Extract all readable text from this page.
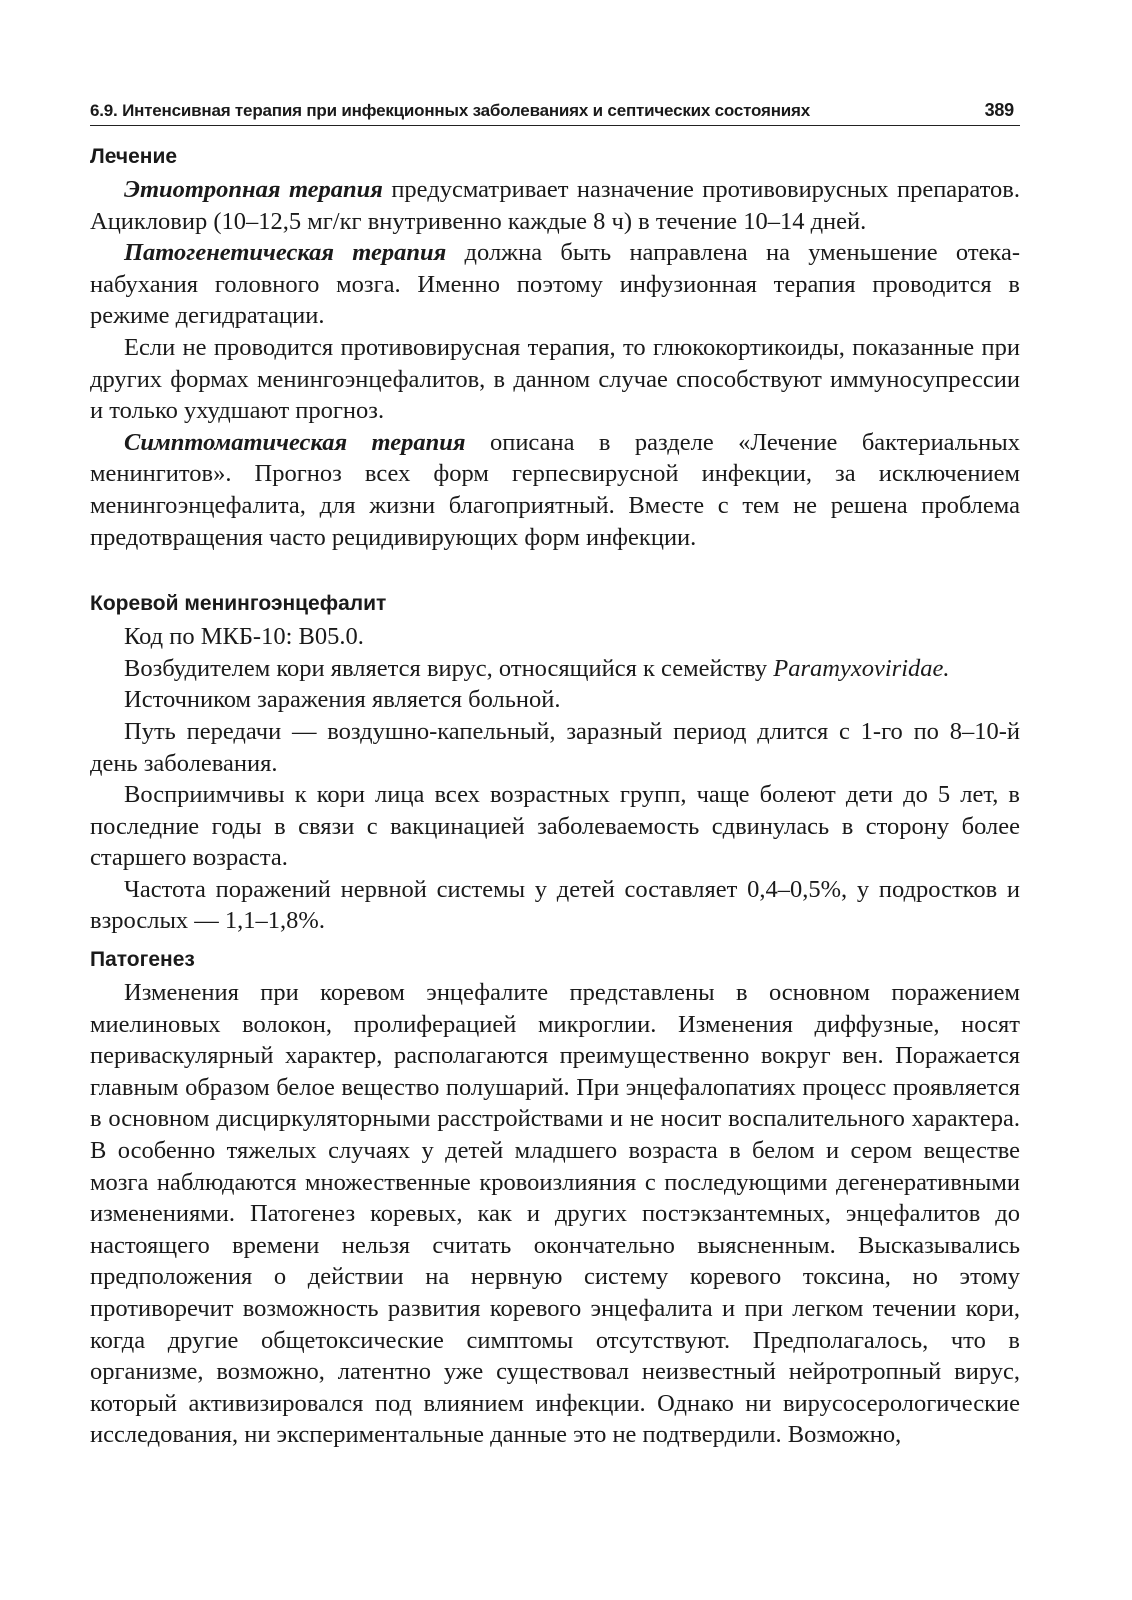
6.9. Интенсивная терапия при инфекционных заболеваниях и септических состояниях	389
Лечение

Этиотропная терапия предусматривает назначение противовирусных препаратов. Ацикловир (10–12,5 мг/кг внутривенно каждые 8 ч) в течение 10–14 дней.

Патогенетическая терапия должна быть направлена на уменьшение отека-набухания головного мозга. Именно поэтому инфузионная терапия проводится в режиме дегидратации.

Если не проводится противовирусная терапия, то глюкокортикоиды, показанные при других формах менингоэнцефалитов, в данном случае способствуют иммуносупрессии и только ухудшают прогноз.

Симптоматическая терапия описана в разделе «Лечение бактериальных менингитов». Прогноз всех форм герпесвирусной инфекции, за исключением менингоэнцефалита, для жизни благоприятный. Вместе с тем не решена проблема предотвращения часто рецидивирующих форм инфекции.

Коревой менингоэнцефалит

Код по МКБ-10: B05.0.

Возбудителем кори является вирус, относящийся к семейству Paramyxoviridae.

Источником заражения является больной.

Путь передачи — воздушно-капельный, заразный период длится с 1-го по 8–10-й день заболевания.

Восприимчивы к кори лица всех возрастных групп, чаще болеют дети до 5 лет, в последние годы в связи с вакцинацией заболеваемость сдвинулась в сторону более старшего возраста.

Частота поражений нервной системы у детей составляет 0,4–0,5%, у подростков и взрослых — 1,1–1,8%.

Патогенез

Изменения при коревом энцефалите представлены в основном поражением миелиновых волокон, пролиферацией микроглии. Изменения диффузные, носят периваскулярный характер, располагаются преимущественно вокруг вен. Поражается главным образом белое вещество полушарий. При энцефалопатиях процесс проявляется в основном дисциркуляторными расстройствами и не носит воспалительного характера. В особенно тяжелых случаях у детей младшего возраста в белом и сером веществе мозга наблюдаются множественные кровоизлияния с последующими дегенеративными изменениями. Патогенез коревых, как и других постэкзантемных, энцефалитов до настоящего времени нельзя считать окончательно выясненным. Высказывались предположения о действии на нервную систему коревого токсина, но этому противоречит возможность развития коревого энцефалита и при легком течении кори, когда другие общетоксические симптомы отсутствуют. Предполагалось, что в организме, возможно, латентно уже существовал неизвестный нейротропный вирус, который активизировался под влиянием инфекции. Однако ни вирусосерологические исследования, ни экспериментальные данные это не подтвердили. Возможно,
